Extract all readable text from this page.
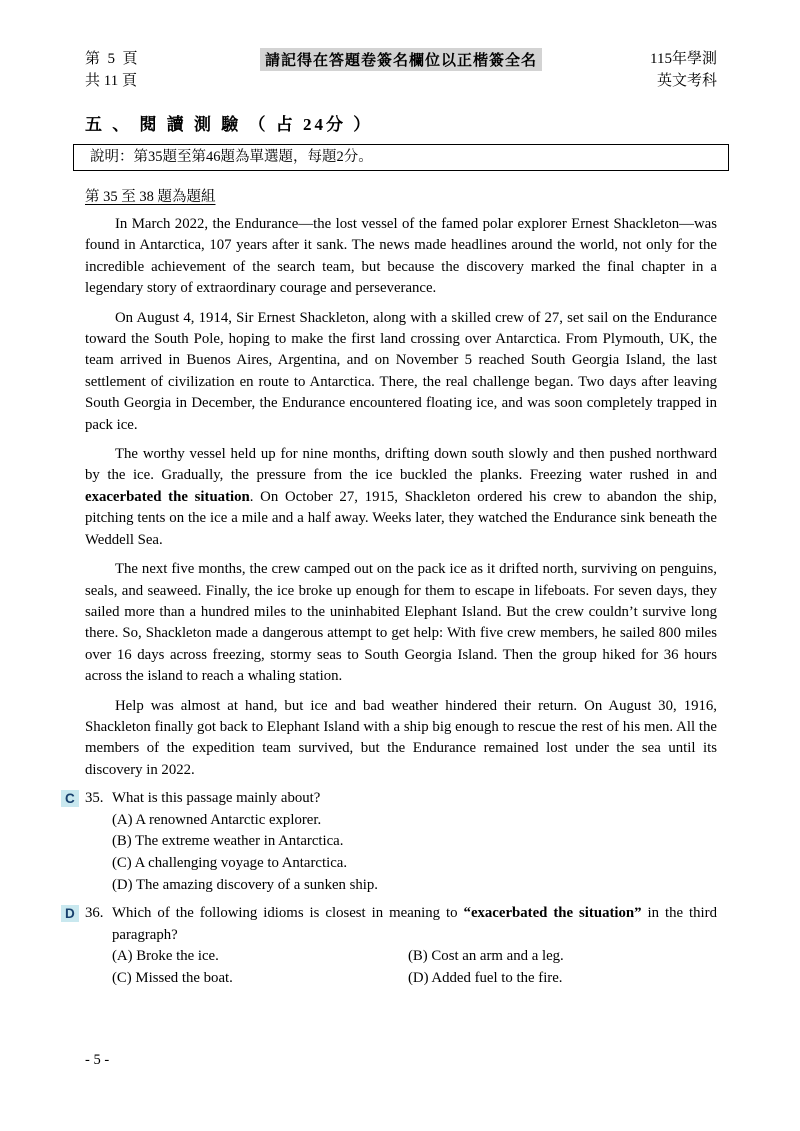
第  5  頁
共 11 頁
請記得在答題卷簽名欄位以正楷簽全名	115年學測
英文考科
五 、 閱 讀 測 驗 （ 占 24分 ）
說明：第35題至第46題為單選題，每題2分。
第 35 至 38 題為題組

In March 2022, the Endurance—the lost vessel of the famed polar explorer Ernest Shackleton—was found in Antarctica, 107 years after it sank. The news made headlines around the world, not only for the incredible achievement of the search team, but because the discovery marked the final chapter in a legendary story of extraordinary courage and perseverance.

On August 4, 1914, Sir Ernest Shackleton, along with a skilled crew of 27, set sail on the Endurance toward the South Pole, hoping to make the first land crossing over Antarctica. From Plymouth, UK, the team arrived in Buenos Aires, Argentina, and on November 5 reached South Georgia Island, the last settlement of civilization en route to Antarctica. There, the real challenge began. Two days after leaving South Georgia in December, the Endurance encountered floating ice, and was soon completely trapped in pack ice.

The worthy vessel held up for nine months, drifting down south slowly and then pushed northward by the ice. Gradually, the pressure from the ice buckled the planks. Freezing water rushed in and exacerbated the situation. On October 27, 1915, Shackleton ordered his crew to abandon the ship, pitching tents on the ice a mile and a half away. Weeks later, they watched the Endurance sink beneath the Weddell Sea.

The next five months, the crew camped out on the pack ice as it drifted north, surviving on penguins, seals, and seaweed. Finally, the ice broke up enough for them to escape in lifeboats. For seven days, they sailed more than a hundred miles to the uninhabited Elephant Island. But the crew couldn’t survive long there. So, Shackleton made a dangerous attempt to get help: With five crew members, he sailed 800 miles over 16 days across freezing, stormy seas to South Georgia Island. Then the group hiked for 36 hours across the island to reach a whaling station.

Help was almost at hand, but ice and bad weather hindered their return. On August 30, 1916, Shackleton finally got back to Elephant Island with a ship big enough to rescue the rest of his men. All the members of the expedition team survived, but the Endurance remained lost under the sea until its discovery in 2022.

C 35. What is this passage mainly about?
(A) A renowned Antarctic explorer.
(B) The extreme weather in Antarctica.
(C) A challenging voyage to Antarctica.
(D) The amazing discovery of a sunken ship.
D 36. Which of the following idioms is closest in meaning to “exacerbated the situation” in the third paragraph?
(A) Broke the ice.	(B) Cost an arm and a leg.
(C) Missed the boat.	(D) Added fuel to the fire.
- 5 -
